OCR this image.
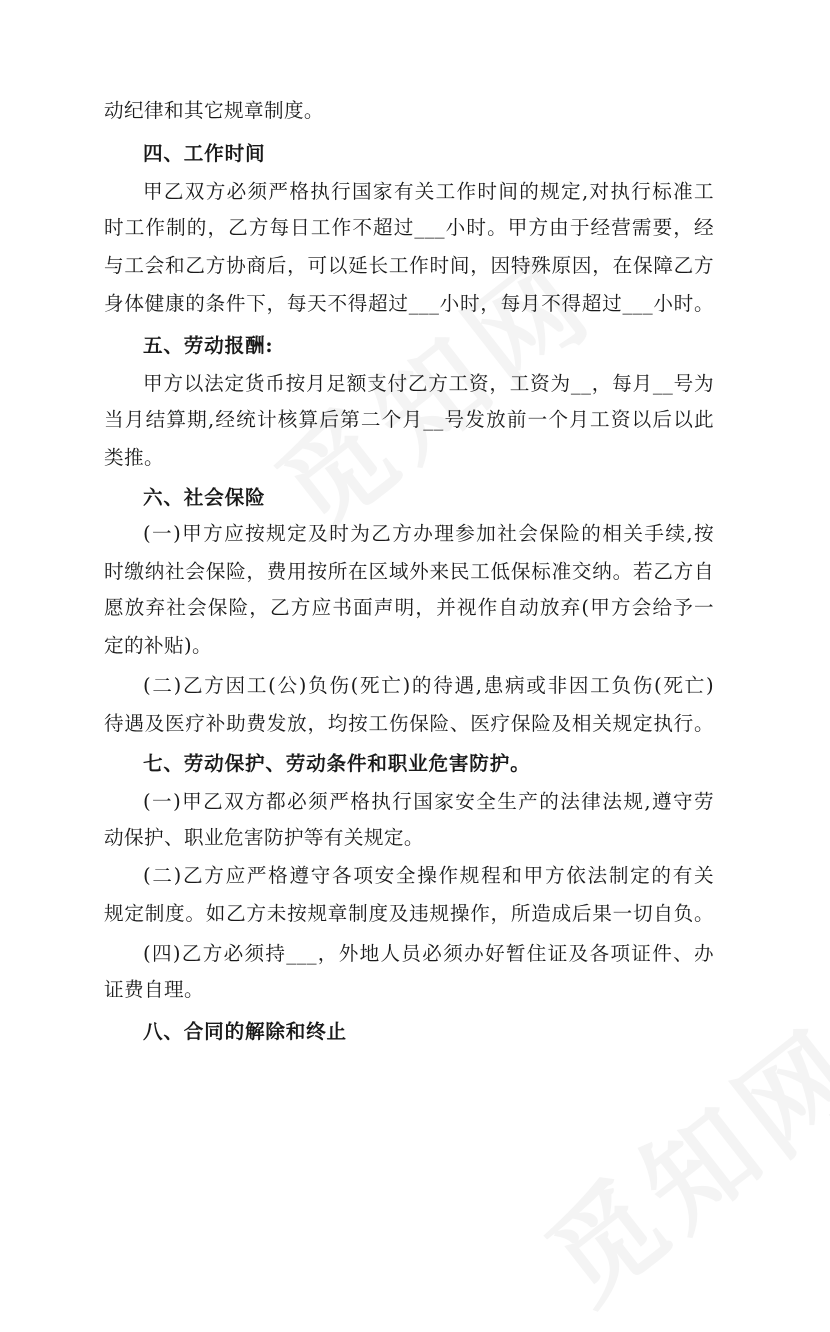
动纪律和其它规章制度。
四、工作时间
甲乙双方必须严格执行国家有关工作时间的规定,对执行标准工
时工作制的，乙方每日工作不超过___小时。甲方由于经营需要，经
与工会和乙方协商后，可以延长工作时间，因特殊原因，在保障乙方
身体健康的条件下，每天不得超过___小时，每月不得超过___小时。
五、劳动报酬:
甲方以法定货币按月足额支付乙方工资，工资为__，每月__号为
当月结算期,经统计核算后第二个月__号发放前一个月工资以后以此
类推。
六、社会保险
(一)甲方应按规定及时为乙方办理参加社会保险的相关手续,按
时缴纳社会保险，费用按所在区域外来民工低保标准交纳。若乙方自
愿放弃社会保险，乙方应书面声明，并视作自动放弃(甲方会给予一
定的补贴)。
(二)乙方因工(公)负伤(死亡)的待遇,患病或非因工负伤(死亡)
待遇及医疗补助费发放，均按工伤保险、医疗保险及相关规定执行。
七、劳动保护、劳动条件和职业危害防护。
(一)甲乙双方都必须严格执行国家安全生产的法律法规,遵守劳
动保护、职业危害防护等有关规定。
(二)乙方应严格遵守各项安全操作规程和甲方依法制定的有关
规定制度。如乙方未按规章制度及违规操作，所造成后果一切自负。
(四)乙方必须持___，外地人员必须办好暂住证及各项证件、办
证费自理。
八、合同的解除和终止
